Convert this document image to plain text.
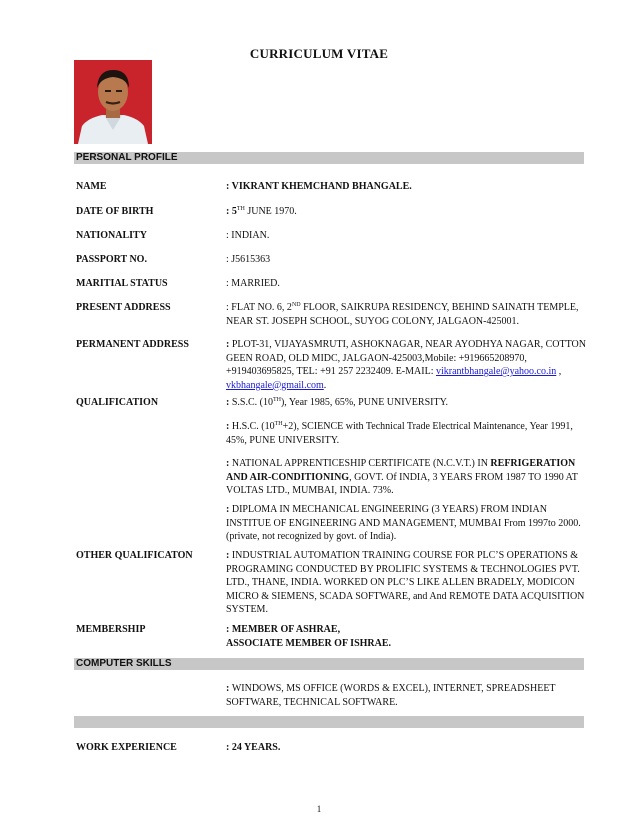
CURRICULUM VITAE
PERSONAL PROFILE
NAME	: VIKRANT KHEMCHAND BHANGALE.
DATE OF BIRTH	: 5TH JUNE 1970.
NATIONALITY	: INDIAN.
PASSPORT NO.	: J5615363
MARITIAL STATUS	: MARRIED.
PRESENT ADDRESS	: FLAT NO. 6, 2ND FLOOR, SAIKRUPA RESIDENCY, BEHIND SAINATH TEMPLE, NEAR ST. JOSEPH SCHOOL, SUYOG COLONY, JALGAON-425001.
PERMANENT ADDRESS	: PLOT-31, VIJAYASMRUTI, ASHOKNAGAR, NEAR AYODHYA NAGAR, COTTON GEEN ROAD, OLD MIDC, JALGAON-425003,Mobile: +919665208970, +919403695825, TEL: +91 257 2232409. E-MAIL: vikrantbhangale@yahoo.co.in , vkbhangale@gmail.com.
QUALIFICATION	: S.S.C. (10TH), Year 1985, 65%, PUNE UNIVERSITY.
: H.S.C. (10TH+2), SCIENCE with Technical Trade Electrical Maintenance, Year 1991, 45%, PUNE UNIVERSITY.
: NATIONAL APPRENTICESHIP CERTIFICATE (N.C.V.T.) IN REFRIGERATION AND AIR-CONDITIONING, GOVT. Of INDIA, 3 YEARS FROM 1987 TO 1990 AT VOLTAS LTD., MUMBAI, INDIA. 73%.
: DIPLOMA IN MECHANICAL ENGINEERING (3 YEARS) FROM INDIAN INSTITUE OF ENGINEERING AND MANAGEMENT, MUMBAI From 1997to 2000. (private, not recognized by govt. of India).
OTHER QUALIFICATON	: INDUSTRIAL AUTOMATION TRAINING COURSE FOR PLC’S OPERATIONS & PROGRAMING CONDUCTED BY PROLIFIC SYSTEMS & TECHNOLOGIES PVT. LTD., THANE, INDIA. WORKED ON PLC’S LIKE ALLEN BRADELY, MODICON MICRO & SIEMENS, SCADA SOFTWARE, and And REMOTE DATA ACQUISITION SYSTEM.
MEMBERSHIP	: MEMBER OF ASHRAE,
ASSOCIATE MEMBER OF ISHRAE.
COMPUTER SKILLS
: WINDOWS, MS OFFICE (WORDS & EXCEL), INTERNET, SPREADSHEET SOFTWARE, TECHNICAL SOFTWARE.
WORK EXPERIENCE	: 24 YEARS.
1
